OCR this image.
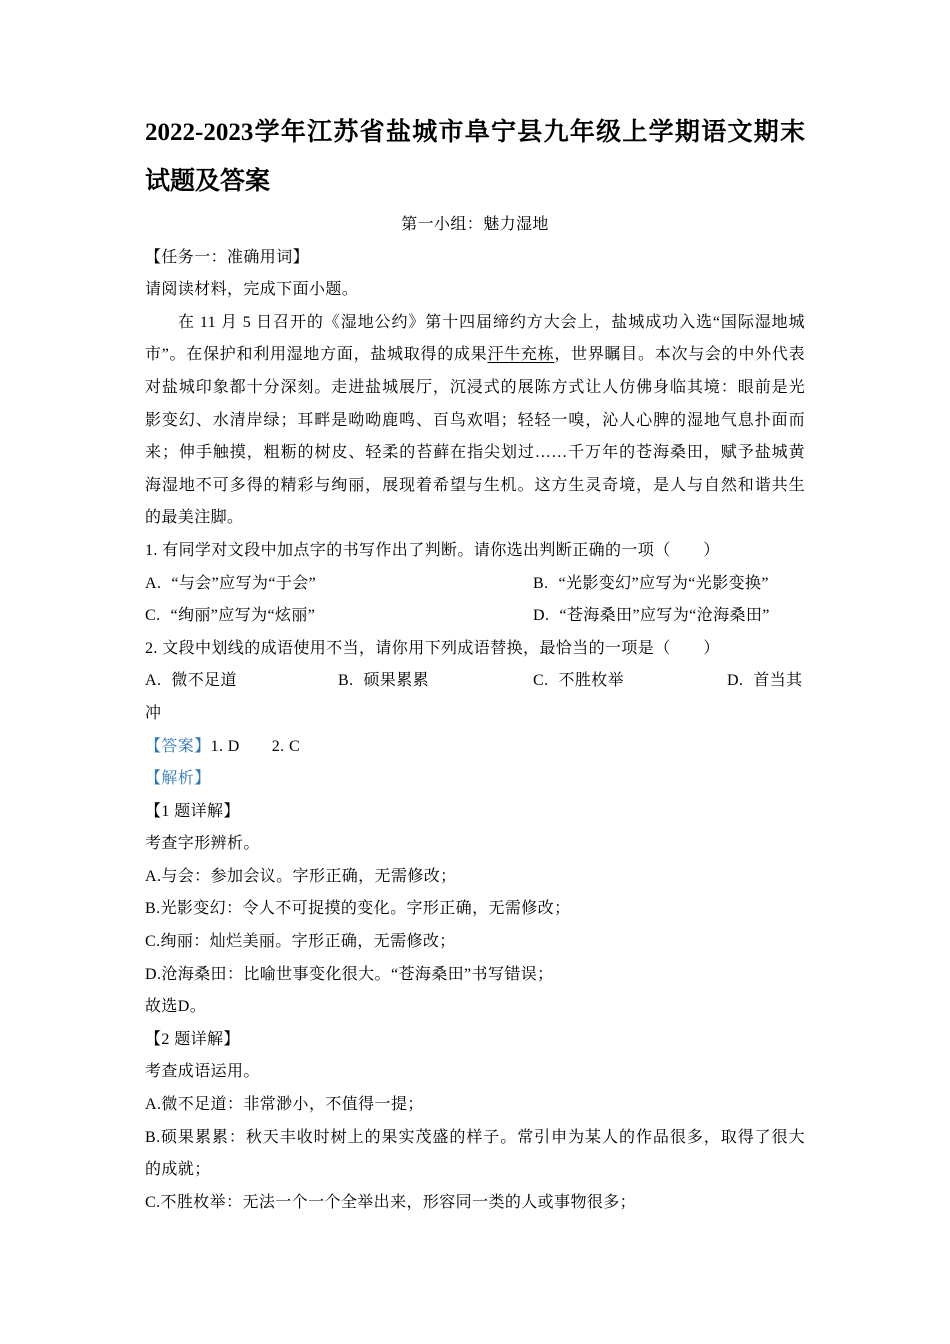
2022-2023学年江苏省盐城市阜宁县九年级上学期语文期末
试题及答案
第一小组：魅力湿地
【任务一：准确用词】
请阅读材料，完成下面小题。
在 11 月 5 日召开的《湿地公约》第十四届缔约方大会上，盐城成功入选“国际湿地城
市”。在保护和利用湿地方面，盐城取得的成果汗牛充栋，世界瞩目。本次与会的中外代表
对盐城印象都十分深刻。走进盐城展厅，沉浸式的展陈方式让人仿佛身临其境：眼前是光
影变幻、水清岸绿；耳畔是呦呦鹿鸣、百鸟欢唱；轻轻一嗅，沁人心脾的湿地气息扑面而
来；伸手触摸，粗粝的树皮、轻柔的苔藓在指尖划过……千万年的苍海桑田，赋予盐城黄
海湿地不可多得的精彩与绚丽，展现着希望与生机。这方生灵奇境，是人与自然和谐共生
的最美注脚。
1. 有同学对文段中加点字的书写作出了判断。请你选出判断正确的一项（　　）
A. “与会”应写为“于会”	B. “光影变幻”应写为“光影变换”
C. “绚丽”应写为“炫丽”	D. “苍海桑田”应写为“沧海桑田”
2. 文段中划线的成语使用不当，请你用下列成语替换，最恰当的一项是（　　）
A. 微不足道	B. 硕果累累	C. 不胜枚举	D. 首当其
冲
【答案】1. D 2. C
【解析】
【1 题详解】
考查字形辨析。
A.与会：参加会议。字形正确，无需修改；
B.光影变幻：令人不可捉摸的变化。字形正确，无需修改；
C.绚丽：灿烂美丽。字形正确，无需修改；
D.沧海桑田：比喻世事变化很大。“苍海桑田”书写错误；
故选D。
【2 题详解】
考查成语运用。
A.微不足道：非常渺小，不值得一提；
B.硕果累累：秋天丰收时树上的果实茂盛的样子。常引申为某人的作品很多，取得了很大
的成就；
C.不胜枚举：无法一个一个全举出来，形容同一类的人或事物很多；
